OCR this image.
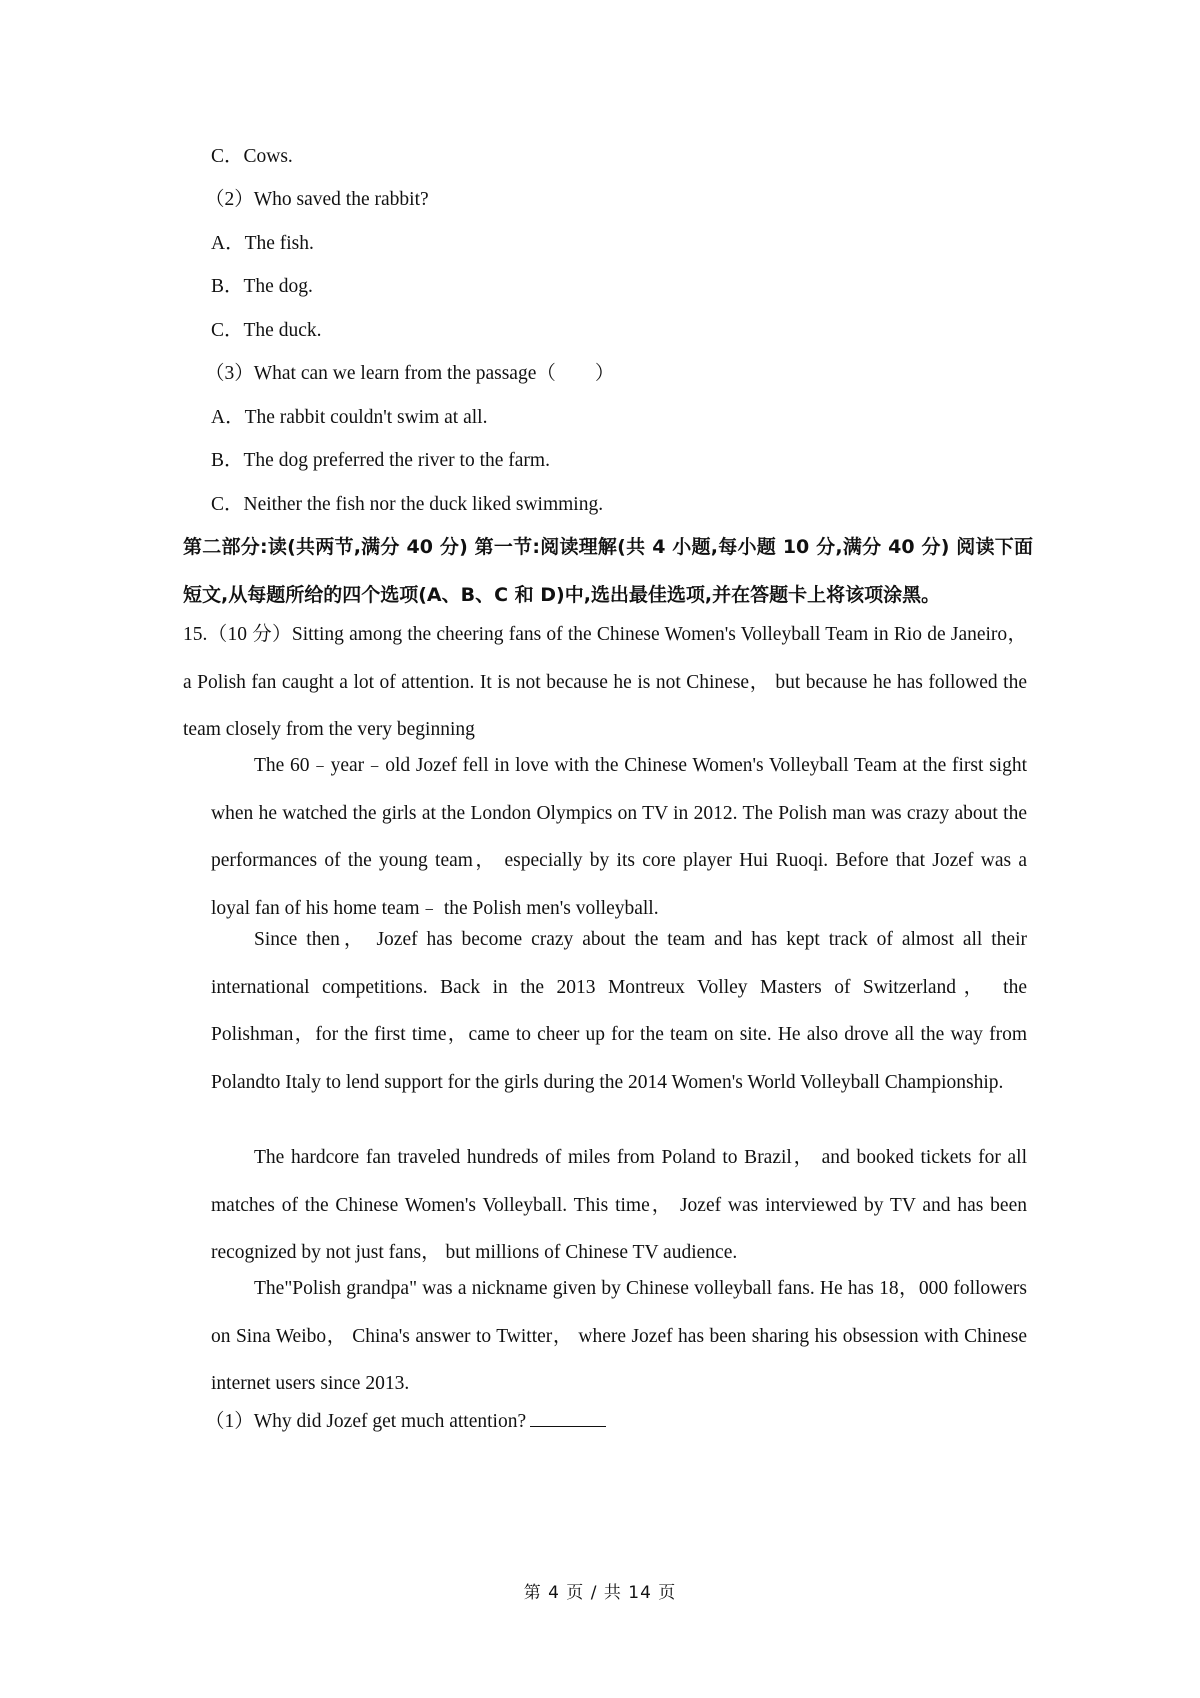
C．Cows.
（2）Who saved the rabbit?
A．The fish.
B．The dog.
C．The duck.
（3）What can we learn from the passage（　　）
A．The rabbit couldn't swim at all.
B．The dog preferred the river to the farm.
C．Neither the fish nor the duck liked swimming.
第二部分:读(共两节,满分 40 分) 第一节:阅读理解(共 4 小题,每小题 10 分,满分 40 分) 阅读下面短文,从每题所给的四个选项(A、B、C 和 D)中,选出最佳选项,并在答题卡上将该项涂黑。
15.（10 分）Sitting among the cheering fans of the Chinese Women's Volleyball Team in Rio de Janeiro， a Polish fan caught a lot of attention. It is not because he is not Chinese， but because he has followed the team closely from the very beginning
The 60﹣year﹣old Jozef fell in love with the Chinese Women's Volleyball Team at the first sight when he watched the girls at the London Olympics on TV in 2012. The Polish man was crazy about the performances of the young team， especially by its core player Hui Ruoqi. Before that Jozef was a loyal fan of his home team﹣ the Polish men's volleyball.
Since then， Jozef has become crazy about the team and has kept track of almost all their international competitions. Back in the 2013 Montreux Volley Masters of Switzerland， the Polishman，for the first time，came to cheer up for the team on site. He also drove all the way from Polandto Italy to lend support for the girls during the 2014 Women's World Volleyball Championship.
The hardcore fan traveled hundreds of miles from Poland to Brazil， and booked tickets for all matches of the Chinese Women's Volleyball. This time， Jozef was interviewed by TV and has been recognized by not just fans， but millions of Chinese TV audience.
The"Polish grandpa" was a nickname given by Chinese volleyball fans. He has 18，000 followers on Sina Weibo， China's answer to Twitter， where Jozef has been sharing his obsession with Chinese internet users since 2013.
（1）Why did Jozef get much attention?
第 4 页 / 共 14 页
